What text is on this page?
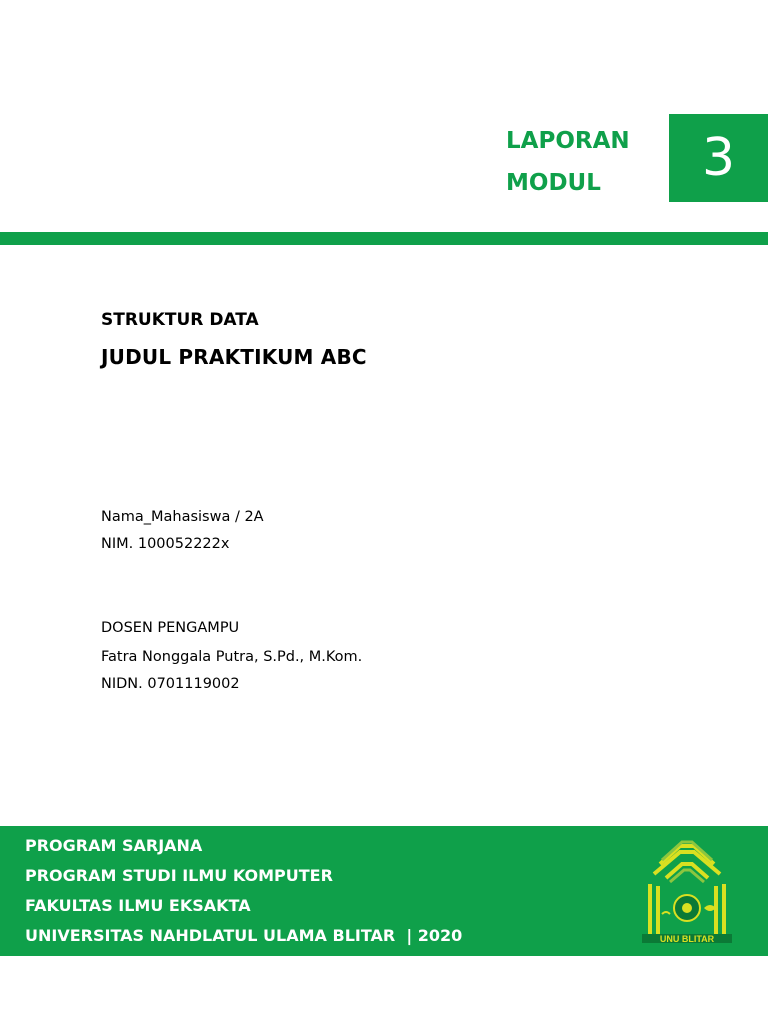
LAPORAN
MODUL	3
STRUKTUR DATA
JUDUL PRAKTIKUM ABC
Nama_Mahasiswa / 2A
NIM. 100052222x
DOSEN PENGAMPU
Fatra Nonggala Putra, S.Pd., M.Kom.
NIDN. 0701119002
PROGRAM SARJANA
PROGRAM STUDI ILMU KOMPUTER
FAKULTAS ILMU EKSAKTA
UNIVERSITAS NAHDLATUL ULAMA BLITAR  | 2020	UNU BLITAR
